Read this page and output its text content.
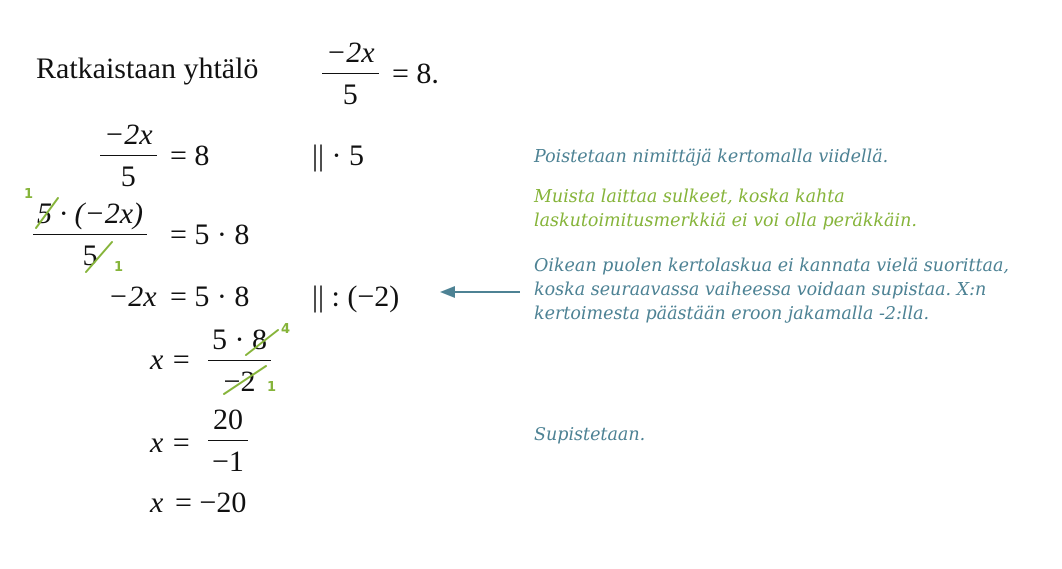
Ratkaistaan yhtälö −2x
5
= 8.
−2x
5
= 8	|| · 5
1
5 · (−2x)
5	1
= 5 · 8
−2x = 5 · 8 || : (−2)
x =
5 · 8
−2
4
1
x =
20
−1
x = −20
Poistetaan nimittäjä kertomalla viidellä.
Muista laittaa sulkeet, koska kahta
laskutoimitusmerkkiä ei voi olla peräkkäin.
Oikean puolen kertolaskua ei kannata vielä suorittaa,
koska seuraavassa vaiheessa voidaan supistaa. X:n
kertoimesta päästään eroon jakamalla -2:lla.
Supistetaan.
